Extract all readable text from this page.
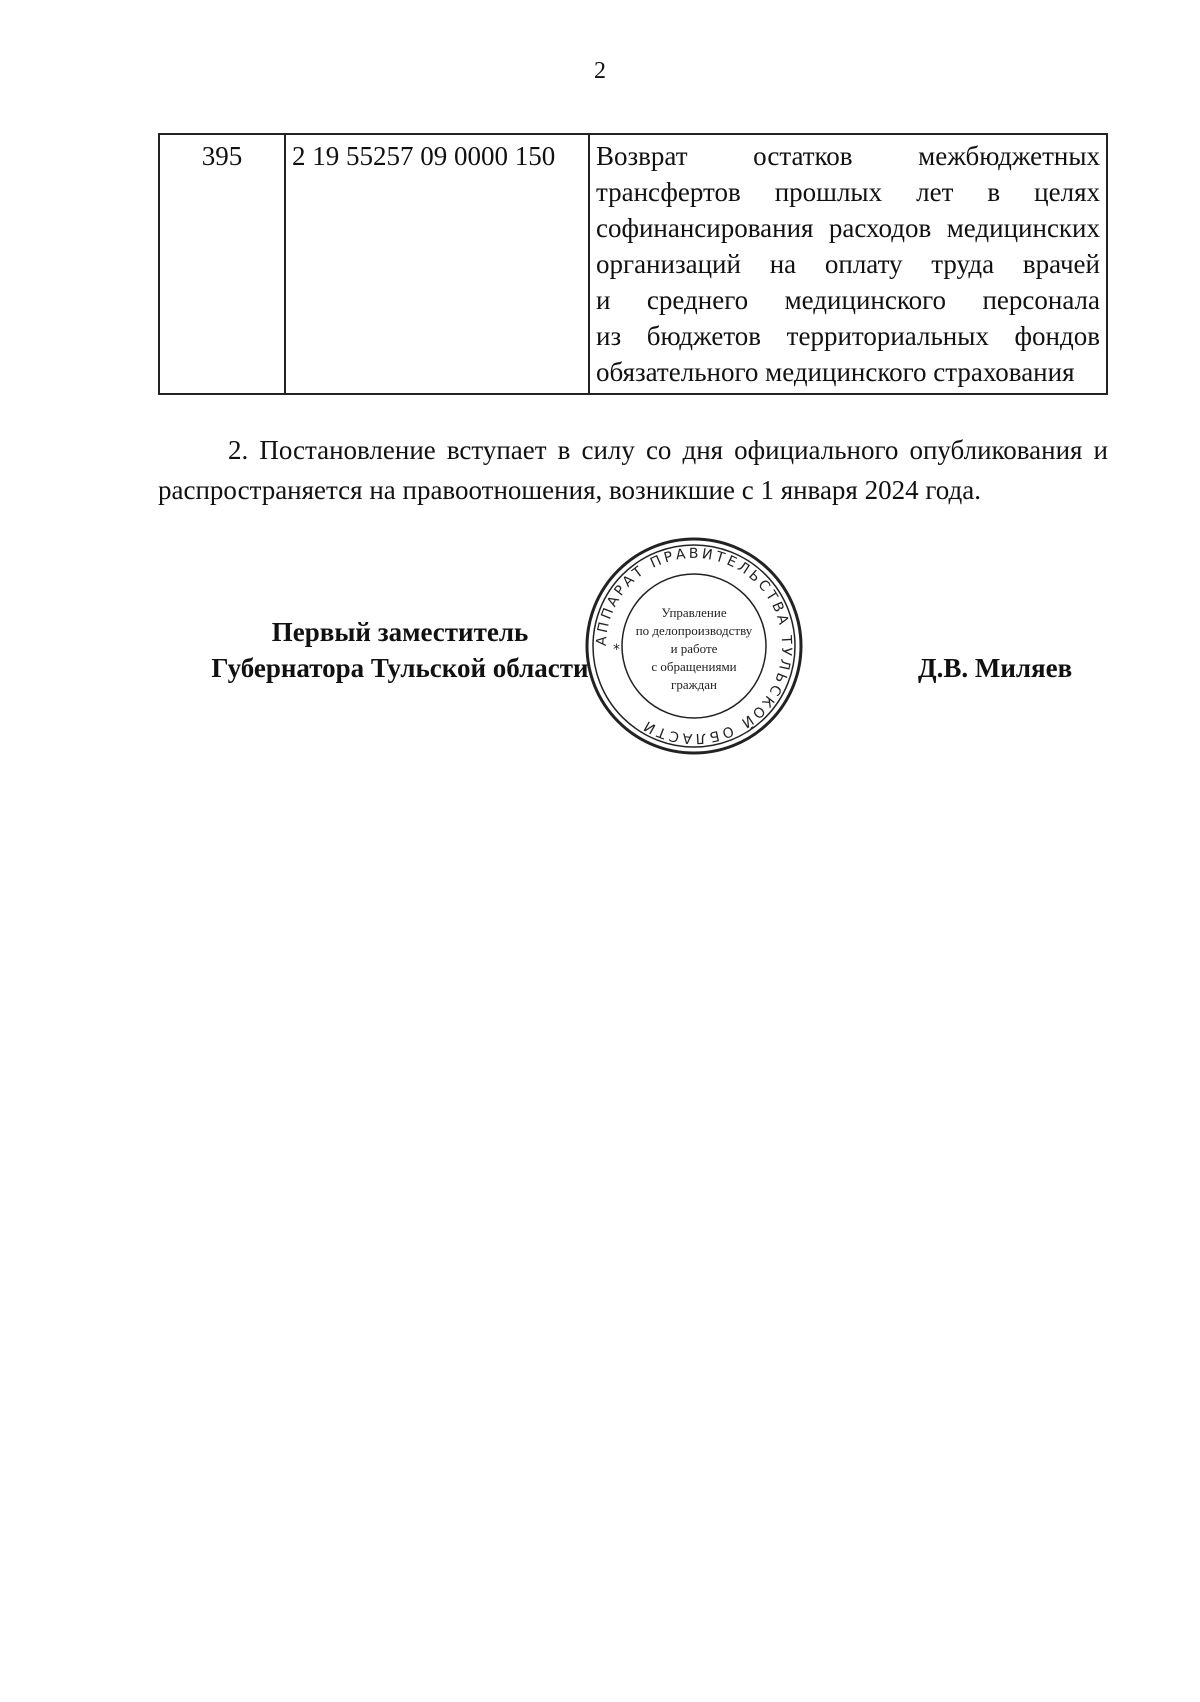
2
395	2 19 55257 09 0000 150	Возврат остатков межбюджетных
трансфертов прошлых лет в целях
софинансирования расходов медицинских
организаций на оплату труда врачей
и среднего медицинского персонала
из бюджетов территориальных фондов
обязательного медицинского страхования

2. Постановление вступает в силу со дня официального опубликования и распространяется на правоотношения, возникшие с 1 января 2024 года.

Первый заместитель
Губернатора Тульской области	Д.В. Миляев
АППАРАТ ПРАВИТЕЛЬСТВА ТУЛЬСКОЙ ОБЛАСТИ
*
Управление
по делопроизводству
и работе
с обращениями
граждан
